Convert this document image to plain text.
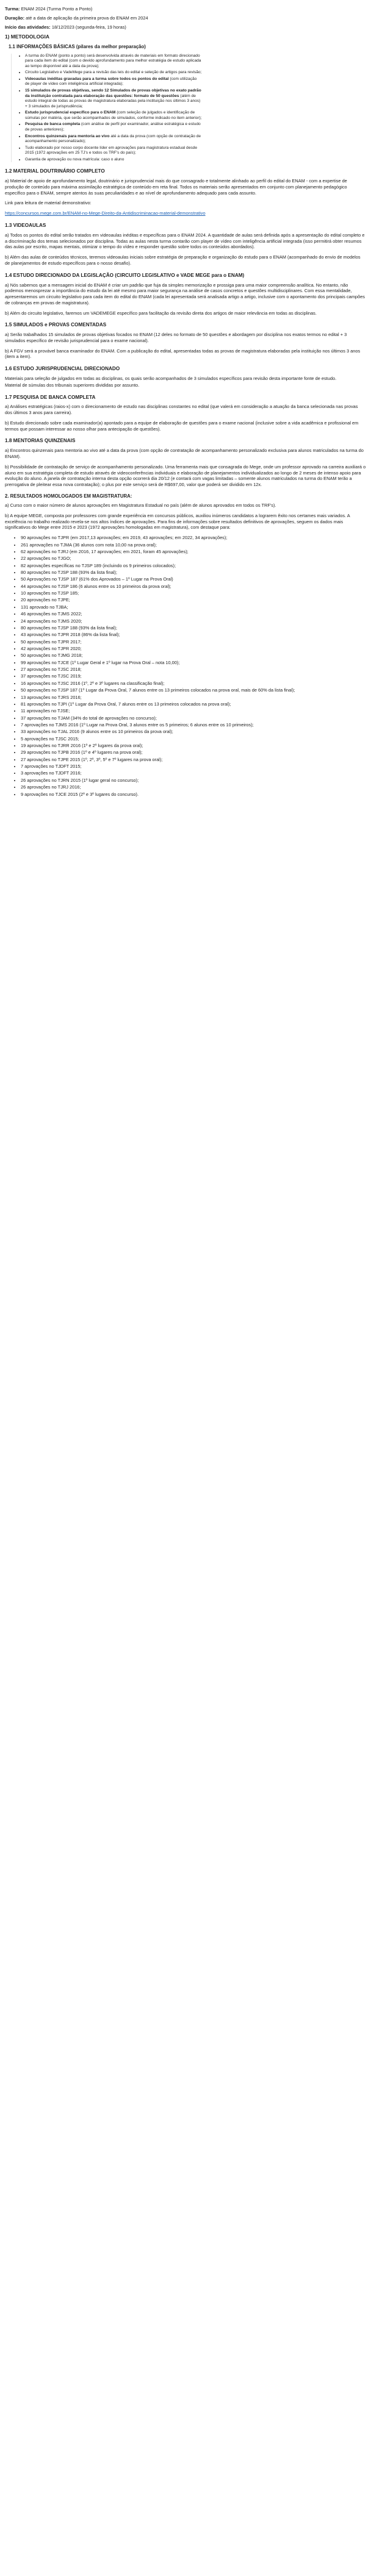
Turma: ENAM 2024 (Turma Ponto a Ponto)

Duração: até a data de aplicação da primeira prova do ENAM em 2024

Início das atividades: 18/12/2023 (segunda-feira, 19 horas)

1) METODOLOGIA
1.1 INFORMAÇÕES BÁSICAS (pilares da melhor preparação)
• A turma do ENAM (ponto a ponto) será desenvolvida através de materiais em formato direcionado para cada item do edital (com o devido aprofundamento para melhor estratégia de estudo aplicada ao tempo disponível até a data da prova);
• Circuito Legislativo e VadeMege para a revisão das leis do edital e seleção de artigos para revisão;
• Videoaulas inéditas gravadas para a turma sobre todos os pontos do edital (com utilização de player de vídeo com inteligência artificial integrada);
• 15 simulados de provas objetivas, sendo 12 Simulados de provas objetivas no exato padrão da instituição contratada para elaboração das questões: formato de 50 questões (além de estudo integral de todas as provas de magistratura elaboradas pela instituição nos últimos 3 anos) + 3 simulados de jurisprudência;
• Estudo jurisprudencial específico para o ENAM (com seleção de julgados e identificação de súmulas por matéria, que serão acompanhados de simulados, conforme indicado no item anterior);
• Pesquisa de banca completa (com análise de perfil por examinador, análise estratégica e estudo de provas anteriores);
• Encontros quinzenais para mentoria ao vivo até a data da prova (com opção de contratação de acompanhamento personalizado);
• Tudo elaborado por nosso corpo docente líder em aprovações para magistratura estadual desde 2015 (1972 aprovações em 25 TJ's e todos os TRF's do país);
• Garantia de aprovação ou nova matrícula: caso o aluno
1.2 MATERIAL DOUTRINÁRIO COMPLETO

a) Material de apoio de aprofundamento legal, doutrinário e jurisprudencial mais do que consagrado e totalmente alinhado ao perfil do edital do ENAM - com a expertise de produção de conteúdo para máxima assimilação estratégica de conteúdo em reta final. Todos os materiais serão apresentados em conjunto com planejamento pedagógico específico para o ENAM, sempre atentos às suas peculiaridades e ao nível de aprofundamento adequado para cada assunto.

Link para leitura de material demonstrativo:

https://concursos.mege.com.br/ENAM-no-Mege-Direito-da-Antidiscriminacao-material-demonstrativo

1.3 VIDEOAULAS

a) Todos os pontos do edital serão tratados em videoaulas inéditas e específicas para o ENAM 2024. A quantidade de aulas será definida após a apresentação do edital completo e a discriminação dos temas selecionados por disciplina. Todas as aulas nesta turma contarão com player de vídeo com inteligência artificial integrada (isso permitirá obter resumos das aulas por escrito, mapas mentais, otimizar o tempo do vídeo e responder questão sobre todos os conteúdos abordados).

b) Além das aulas de conteúdos técnicos, teremos videoaulas iniciais sobre estratégia de preparação e organização do estudo para o ENAM (acompanhado do envio de modelos de planejamentos de estudo específicos para o nosso desafio).

1.4 ESTUDO DIRECIONADO DA LEGISLAÇÃO (CIRCUITO LEGISLATIVO e VADE MEGE para o ENAM)

a) Nós sabemos que a mensagem inicial do ENAM é criar um padrão que fuja da simples memorização e prossiga para uma maior compreensão analítica. No entanto, não podemos menosprezar a importância do estudo da lei até mesmo para maior segurança na análise de casos concretos e questões multidisciplinares. Com essa mentalidade, apresentaremos um circuito legislativo para cada item do edital do ENAM (cada lei apresentada será analisada artigo a artigo, inclusive com o apontamento dos principais campões de cobranças em provas de magistratura).

b) Além do circuito legislativo, faremos um VADEMEGE específico para facilitação da revisão direta dos artigos de maior relevância em todas as disciplinas.

1.5 SIMULADOS e PROVAS COMENTADAS

a) Serão trabalhados 15 simulados de provas objetivas focados no ENAM (12 deles no formato de 50 questões e abordagem por disciplina nos exatos termos no edital + 3 simulados específico de revisão jurisprudencial para o exame nacional).

b) A FGV será a provável banca examinador do ENAM. Com a publicação do edital, apresentadas todas as provas de magistratura elaboradas pela instituição nos últimos 3 anos (item a item).

1.6 ESTUDO JURISPRUDENCIAL DIRECIONADO

Materiais para seleção de julgados em todas as disciplinas, os quais serão acompanhados de 3 simulados específicos para revisão desta importante fonte de estudo.

Material de súmulas dos tribunais superiores divididas por assunto.

1.7 PESQUISA DE BANCA COMPLETA

a) Análises estratégicas (raios-x) com o direcionamento de estudo nas disciplinas constantes no edital (que valerá em consideração a atuação da banca selecionada nas provas dos últimos 3 anos para carreira).

b) Estudo direcionado sobre cada examinador(a) apontado para a equipe de elaboração de questões para o exame nacional (inclusive sobre a vida acadêmica e profissional em termos que possam interessar ao nosso olhar para antecipação de questões).

1.8 MENTORIAS QUINZENAIS

a) Encontros quinzenais para mentoria ao vivo até a data da prova (com opção de contratação de acompanhamento personalizado exclusiva para alunos matriculados na turma do ENAM).

b) Possibilidade de contratação de serviço de acompanhamento personalizado. Uma ferramenta mais que consagrada do Mege, onde um professor aprovado na carreira auxiliará o aluno em sua estratégia completa de estudo através de videoconferências individuais e elaboração de planejamentos individualizados ao longo de 2 meses de intenso apoio para evolução do aluno. A janela de contratação interna desta opção ocorrerá dia 20/12 (e contará com vagas limitadas – somente alunos matriculados na turma do ENAM terão a prerrogativa de pleitear essa nova contratação); o plus por este serviço será de R$697,00, valor que poderá ser dividido em 12x.

2. RESULTADOS HOMOLOGADOS EM MAGISTRATURA:

a) Curso com o maior número de alunos aprovações em Magistratura Estadual no país (além de alunos aprovados em todos os TRF's).

b) A equipe MEGE, composta por professores com grande experiência em concursos públicos, auxiliou inúmeros candidatos a lograrem êxito nos certames mais variados. A excelência no trabalho realizado revela-se nos altos índices de aprovações. Para fins de informações sobre resultados definitivos de aprovações, seguem os dados mais significativos do Mege entre 2015 e 2023 (1972 aprovações homologadas em magistratura), com destaque para:

• 90 aprovações no TJPR (em 2017,13 aprovações; em 2019, 43 aprovações; em 2022, 34 aprovações);
• 261 aprovações no TJMA (36 alunos com nota 10,00 na prova oral);
• 62 aprovações no TJRJ (em 2016, 17 aprovações; em 2021, foram 45 aprovações);
• 22 aprovações no TJGO;
• 82 aprovações específicas no TJSP 189 (incluindo os 9 primeiros colocados);
• 80 aprovações no TJSP 188 (93% da lista final);
• 50 Aprovações no TJSP 187 (61% dos Aprovados – 1º Lugar na Prova Oral)
• 44 aprovações no TJSP 186 (6 alunos entre os 10 primeiros da prova oral);
• 10 aprovações no TJSP 185;
• 20 aprovações no TJPE;
• 131 aprovado no TJBA;
• 46 aprovações no TJMS 2022;
• 24 aprovações no TJMS 2020;
• 80 aprovações no TJSP 188 (93% da lista final);
• 43 aprovações no TJPR 2018 (86% da lista final);
• 50 aprovações no TJPR 2017;
• 42 aprovações no TJPR 2020;
• 50 aprovações no TJMG 2018;
• 99 aprovações no TJCE (1º Lugar Geral e 1º lugar na Prova Oral – nota 10,00);
• 27 aprovações no TJSC 2018;
• 37 aprovações no TJSC 2019;
• 16 aprovações no TJSC 2016 (1º, 2º e 3º lugares na classificação final);
• 50 aprovações no TJSP 187 (1º Lugar da Prova Oral, 7 alunos entre os 13 primeiros colocados na prova oral, mais de 60% da lista final);
• 13 aprovações no TJRS 2016;
• 81 aprovações no TJPI (1º Lugar da Prova Oral, 7 alunos entre os 13 primeiros colocados na prova oral);
• 11 aprovações no TJSE;
• 37 aprovações no TJAM (34% do total de aprovações no concurso);
• 7 aprovações no TJMS 2016 (1º Lugar na Prova Oral, 3 alunos entre os 5 primeiros; 6 alunos entre os 10 primeiros);
• 33 aprovações no TJAL 2016 (9 alunos entre os 10 primeiros da prova oral);
• 5 aprovações no TJSC 2015;
• 19 aprovações no TJRR 2016 (1º e 2º lugares da prova oral);
• 29 aprovações no TJPB 2016 (1º e 4º lugares na prova oral);
• 27 aprovações no TJPE 2015 (1º, 2º, 3º, 5º e 7º lugares na prova oral);
• 7 aprovações no TJDFT 2015;
• 3 aprovações no TJDFT 2016;
• 26 aprovações no TJRN 2015 (1º lugar geral no concurso);
• 26 aprovações no TJRJ 2016;
• 9 aprovações no TJCE 2015 (2º e 3º lugares do concurso).
